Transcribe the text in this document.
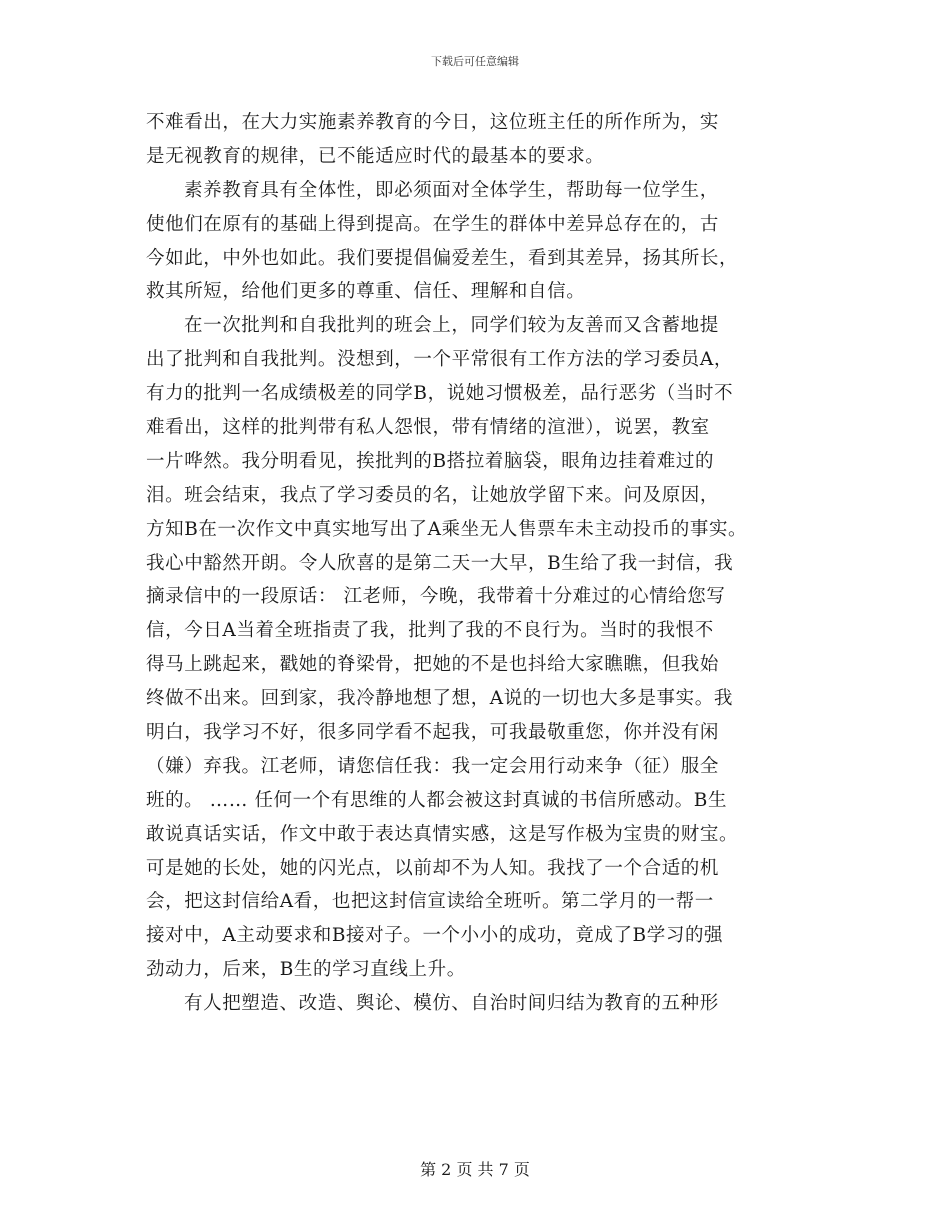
下载后可任意编辑
不难看出，在大力实施素养教育的今日，这位班主任的所作所为，实
是无视教育的规律，已不能适应时代的最基本的要求。
素养教育具有全体性，即必须面对全体学生，帮助每一位学生，
使他们在原有的基础上得到提高。在学生的群体中差异总存在的，古
今如此，中外也如此。我们要提倡偏爱差生，看到其差异，扬其所长，
救其所短，给他们更多的尊重、信任、理解和自信。
在一次批判和自我批判的班会上，同学们较为友善而又含蓄地提
出了批判和自我批判。没想到，一个平常很有工作方法的学习委员A，
有力的批判一名成绩极差的同学B，说她习惯极差，品行恶劣（当时不
难看出，这样的批判带有私人怨恨，带有情绪的渲泄），说罢，教室
一片哗然。我分明看见，挨批判的B搭拉着脑袋，眼角边挂着难过的
泪。班会结束，我点了学习委员的名，让她放学留下来。问及原因，
方知B在一次作文中真实地写出了A乘坐无人售票车未主动投币的事实。
我心中豁然开朗。令人欣喜的是第二天一大早，B生给了我一封信，我
摘录信中的一段原话： 江老师，今晚，我带着十分难过的心情给您写
信，今日A当着全班指责了我，批判了我的不良行为。当时的我恨不
得马上跳起来，戳她的脊梁骨，把她的不是也抖给大家瞧瞧，但我始
终做不出来。回到家，我冷静地想了想，A说的一切也大多是事实。我
明白，我学习不好，很多同学看不起我，可我最敬重您，你并没有闲
（嫌）弃我。江老师，请您信任我：我一定会用行动来争（征）服全
班的。 …… 任何一个有思维的人都会被这封真诚的书信所感动。B生
敢说真话实话，作文中敢于表达真情实感，这是写作极为宝贵的财宝。
可是她的长处，她的闪光点，以前却不为人知。我找了一个合适的机
会，把这封信给A看，也把这封信宣读给全班听。第二学月的一帮一
接对中，A主动要求和B接对子。一个小小的成功，竟成了B学习的强
劲动力，后来，B生的学习直线上升。
有人把塑造、改造、舆论、模仿、自治时间归结为教育的五种形
第 2 页 共 7 页
